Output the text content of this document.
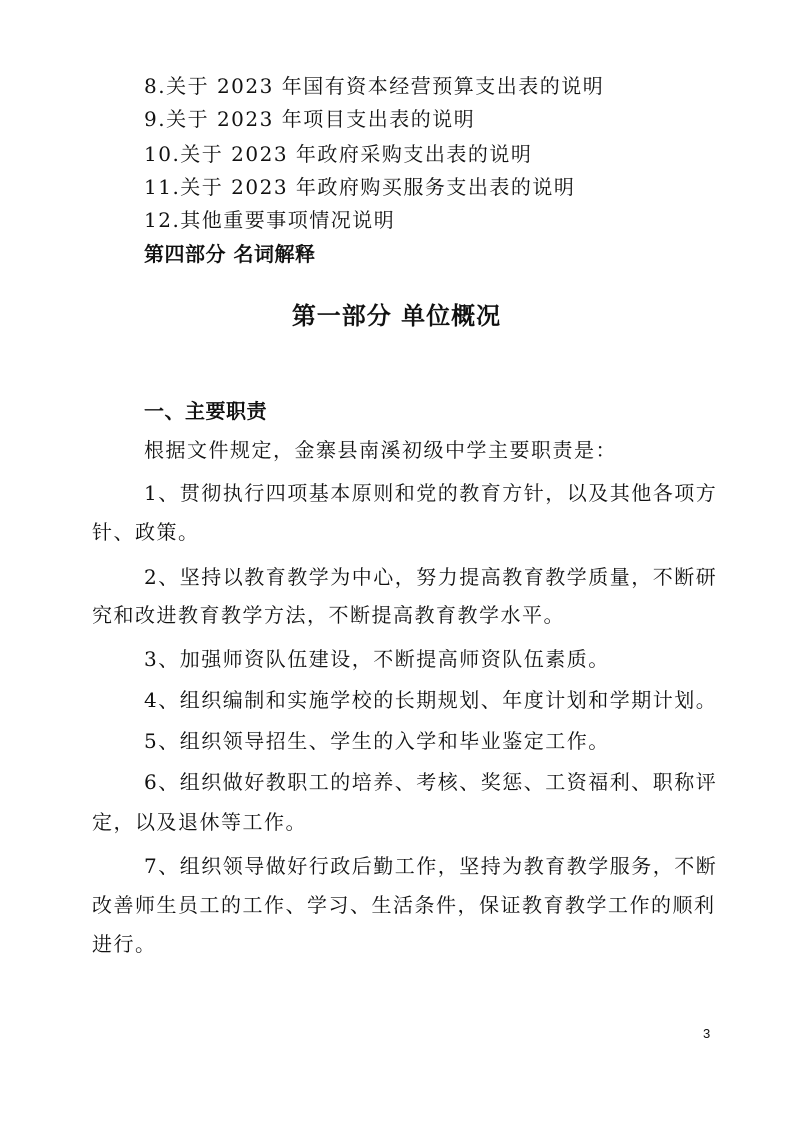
8.关于 2023 年国有资本经营预算支出表的说明
9.关于 2023 年项目支出表的说明
10.关于 2023 年政府采购支出表的说明
11.关于 2023 年政府购买服务支出表的说明
12.其他重要事项情况说明
第四部分 名词解释
第一部分 单位概况
一、主要职责
根据文件规定，金寨县南溪初级中学主要职责是：
1、贯彻执行四项基本原则和党的教育方针，以及其他各项方
针、政策。
2、坚持以教育教学为中心，努力提高教育教学质量，不断研
究和改进教育教学方法，不断提高教育教学水平。
3、加强师资队伍建设，不断提高师资队伍素质。
4、组织编制和实施学校的长期规划、年度计划和学期计划。
5、组织领导招生、学生的入学和毕业鉴定工作。
6、组织做好教职工的培养、考核、奖惩、工资福利、职称评
定，以及退休等工作。
7、组织领导做好行政后勤工作，坚持为教育教学服务，不断
改善师生员工的工作、学习、生活条件，保证教育教学工作的顺利
进行。
3
